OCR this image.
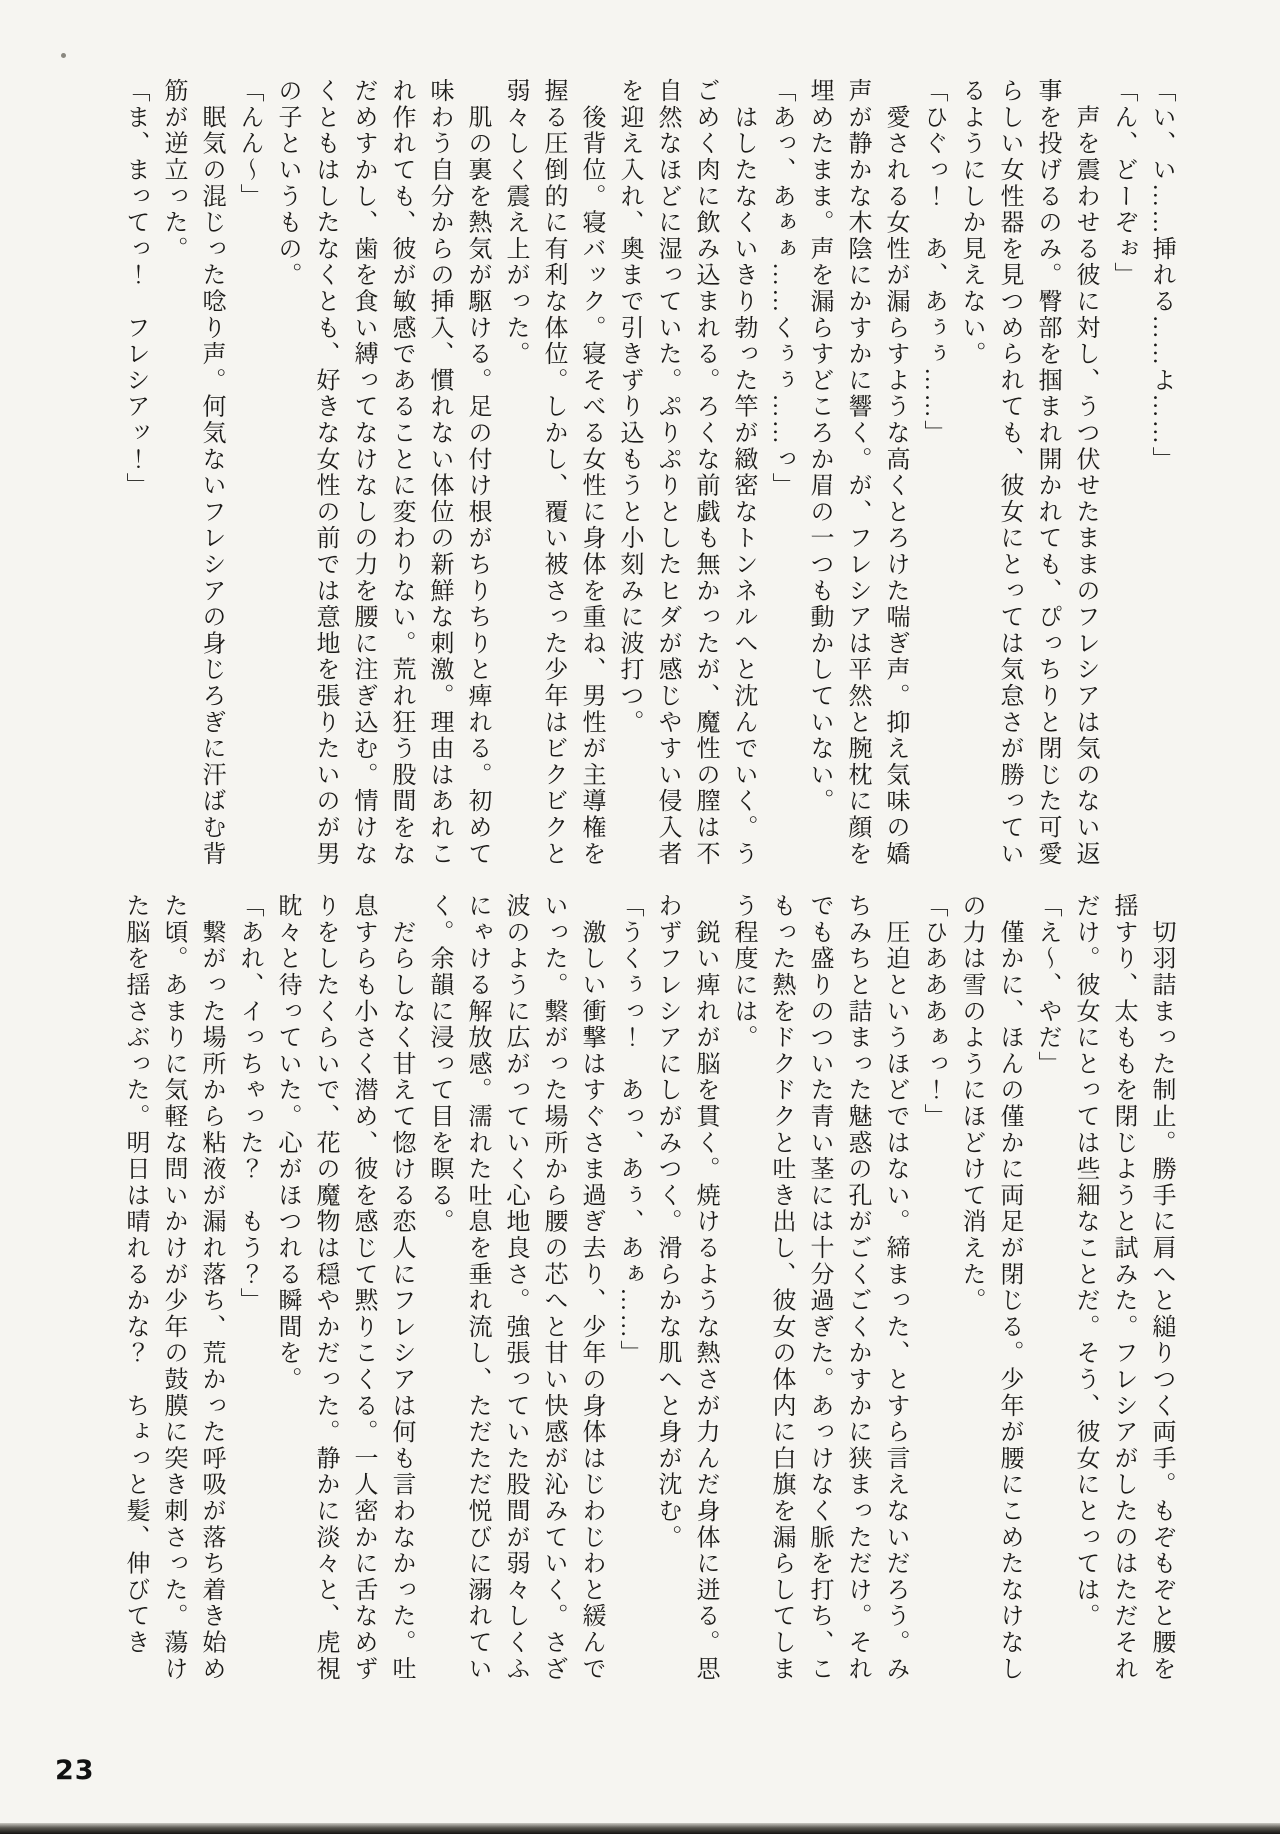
「い、い……挿れる……よ……」

「ん、どーぞぉ」

　声を震わせる彼に対し、うつ伏せたままのフレシアは気のない返

事を投げるのみ。臀部を掴まれ開かれても、ぴっちりと閉じた可愛

らしい女性器を見つめられても、彼女にとっては気怠さが勝ってい

るようにしか見えない。

「ひぐっ！　あ、あぅぅ……」

　愛される女性が漏らすような高くとろけた喘ぎ声。抑え気味の嬌

声が静かな木陰にかすかに響く。が、フレシアは平然と腕枕に顔を

埋めたまま。声を漏らすどころか眉の一つも動かしていない。

「あっ、あぁぁ……くぅぅ……っ」

　はしたなくいきり勃った竿が緻密なトンネルへと沈んでいく。う

ごめく肉に飲み込まれる。ろくな前戯も無かったが、魔性の膣は不

自然なほどに湿っていた。ぷりぷりとしたヒダが感じやすい侵入者

を迎え入れ、奥まで引きずり込もうと小刻みに波打つ。

　後背位。寝バック。寝そべる女性に身体を重ね、男性が主導権を

握る圧倒的に有利な体位。しかし、覆い被さった少年はビクビクと

弱々しく震え上がった。

　肌の裏を熱気が駆ける。足の付け根がちりちりと痺れる。初めて

味わう自分からの挿入、慣れない体位の新鮮な刺激。理由はあれこ

れ作れても、彼が敏感であることに変わりない。荒れ狂う股間をな

だめすかし、歯を食い縛ってなけなしの力を腰に注ぎ込む。情けな

くともはしたなくとも、好きな女性の前では意地を張りたいのが男

の子というもの。

「んん〜」

　眠気の混じった唸り声。何気ないフレシアの身じろぎに汗ばむ背

筋が逆立った。

「ま、まってっ！　フレシアッ！」

　切羽詰まった制止。勝手に肩へと縋りつく両手。もぞもぞと腰を

揺すり、太ももを閉じようと試みた。フレシアがしたのはただそれ

だけ。彼女にとっては些細なことだ。そう、彼女にとっては。

「え〜、やだ」

　僅かに、ほんの僅かに両足が閉じる。少年が腰にこめたなけなし

の力は雪のようにほどけて消えた。

「ひあああぁっ！」

　圧迫というほどではない。締まった、とすら言えないだろう。み

ちみちと詰まった魅惑の孔がごくごくかすかに狭まっただけ。それ

でも盛りのついた青い茎には十分過ぎた。あっけなく脈を打ち、こ

もった熱をドクドクと吐き出し、彼女の体内に白旗を漏らしてしま

う程度には。

　鋭い痺れが脳を貫く。焼けるような熱さが力んだ身体に迸る。思

わずフレシアにしがみつく。滑らかな肌へと身が沈む。

「うくぅっ！　あっ、あぅ、あぁ……」

　激しい衝撃はすぐさま過ぎ去り、少年の身体はじわじわと緩んで

いった。繋がった場所から腰の芯へと甘い快感が沁みていく。さざ

波のように広がっていく心地良さ。強張っていた股間が弱々しくふ

にゃける解放感。濡れた吐息を垂れ流し、ただただ悦びに溺れてい

く。余韻に浸って目を瞑る。

　だらしなく甘えて惚ける恋人にフレシアは何も言わなかった。吐

息すらも小さく潜め、彼を感じて黙りこくる。一人密かに舌なめず

りをしたくらいで、花の魔物は穏やかだった。静かに淡々と、虎視

眈々と待っていた。心がほつれる瞬間を。

「あれ、イっちゃった？　もう？」

　繋がった場所から粘液が漏れ落ち、荒かった呼吸が落ち着き始め

た頃。あまりに気軽な問いかけが少年の鼓膜に突き刺さった。蕩け

た脳を揺さぶった。明日は晴れるかな？　ちょっと髪、伸びてき

23
